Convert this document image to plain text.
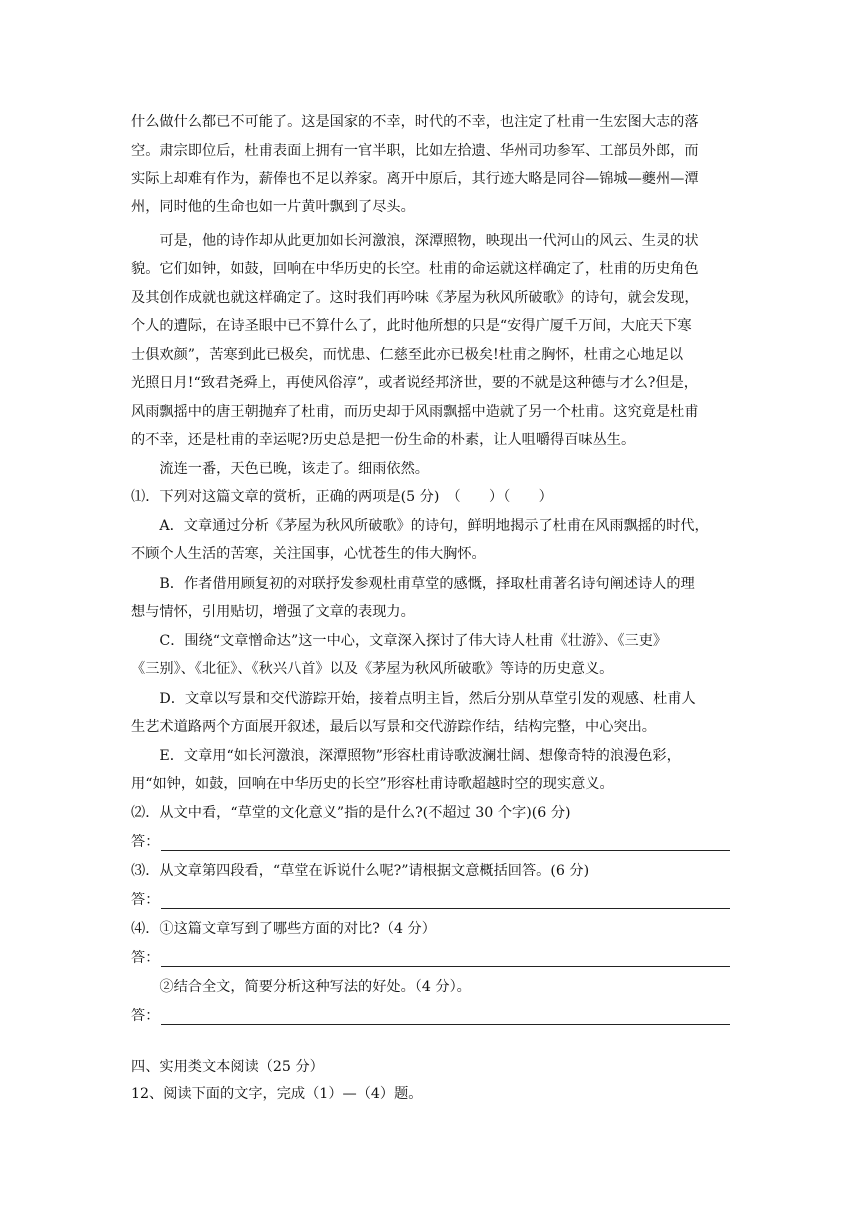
什么做什么都已不可能了。这是国家的不幸，时代的不幸，也注定了杜甫一生宏图大志的落
空。肃宗即位后，杜甫表面上拥有一官半职，比如左拾遗、华州司功参军、工部员外郎，而
实际上却难有作为，薪俸也不足以养家。离开中原后，其行迹大略是同谷—锦城—夔州—潭
州，同时他的生命也如一片黄叶飘到了尽头。
　　可是，他的诗作却从此更加如长河激浪，深潭照物，映现出一代河山的风云、生灵的状
貌。它们如钟，如鼓，回响在中华历史的长空。杜甫的命运就这样确定了，杜甫的历史角色
及其创作成就也就这样确定了。这时我们再吟味《茅屋为秋风所破歌》的诗句，就会发现，
个人的遭际，在诗圣眼中已不算什么了，此时他所想的只是“安得广厦千万间，大庇天下寒
士俱欢颜”，苦寒到此已极矣，而忧患、仁慈至此亦已极矣!杜甫之胸怀，杜甫之心地足以
光照日月!“致君尧舜上，再使风俗淳”，或者说经邦济世，要的不就是这种德与才么?但是，
风雨飘摇中的唐王朝抛弃了杜甫，而历史却于风雨飘摇中造就了另一个杜甫。这究竟是杜甫
的不幸，还是杜甫的幸运呢?历史总是把一份生命的朴素，让人咀嚼得百味丛生。
　　流连一番，天色已晚，该走了。细雨依然。
⑴．下列对这篇文章的赏析，正确的两项是(5 分)　（　　）（　　）
　　A．文章通过分析《茅屋为秋风所破歌》的诗句，鲜明地揭示了杜甫在风雨飘摇的时代，
不顾个人生活的苦寒，关注国事，心忧苍生的伟大胸怀。
　　B．作者借用顾复初的对联抒发参观杜甫草堂的感慨，择取杜甫著名诗句阐述诗人的理
想与情怀，引用贴切，增强了文章的表现力。
　　C．围绕“文章憎命达”这一中心，文章深入探讨了伟大诗人杜甫《壮游》、《三吏》
《三别》、《北征》、《秋兴八首》以及《茅屋为秋风所破歌》等诗的历史意义。
　　D．文章以写景和交代游踪开始，接着点明主旨，然后分别从草堂引发的观感、杜甫人
生艺术道路两个方面展开叙述，最后以写景和交代游踪作结，结构完整，中心突出。
　　E．文章用“如长河激浪，深潭照物”形容杜甫诗歌波澜壮阔、想像奇特的浪漫色彩，
用“如钟，如鼓，回响在中华历史的长空”形容杜甫诗歌超越时空的现实意义。
⑵．从文中看，“草堂的文化意义”指的是什么?(不超过 30 个字)(6 分)
答：
⑶．从文章第四段看，“草堂在诉说什么呢?”请根据文意概括回答。(6 分)
答：
⑷．①这篇文章写到了哪些方面的对比?（4 分）
答：
　　②结合全文，简要分析这种写法的好处。（4 分）。
答：
四、实用类文本阅读（25 分）
12、阅读下面的文字，完成（1）—（4）题。
